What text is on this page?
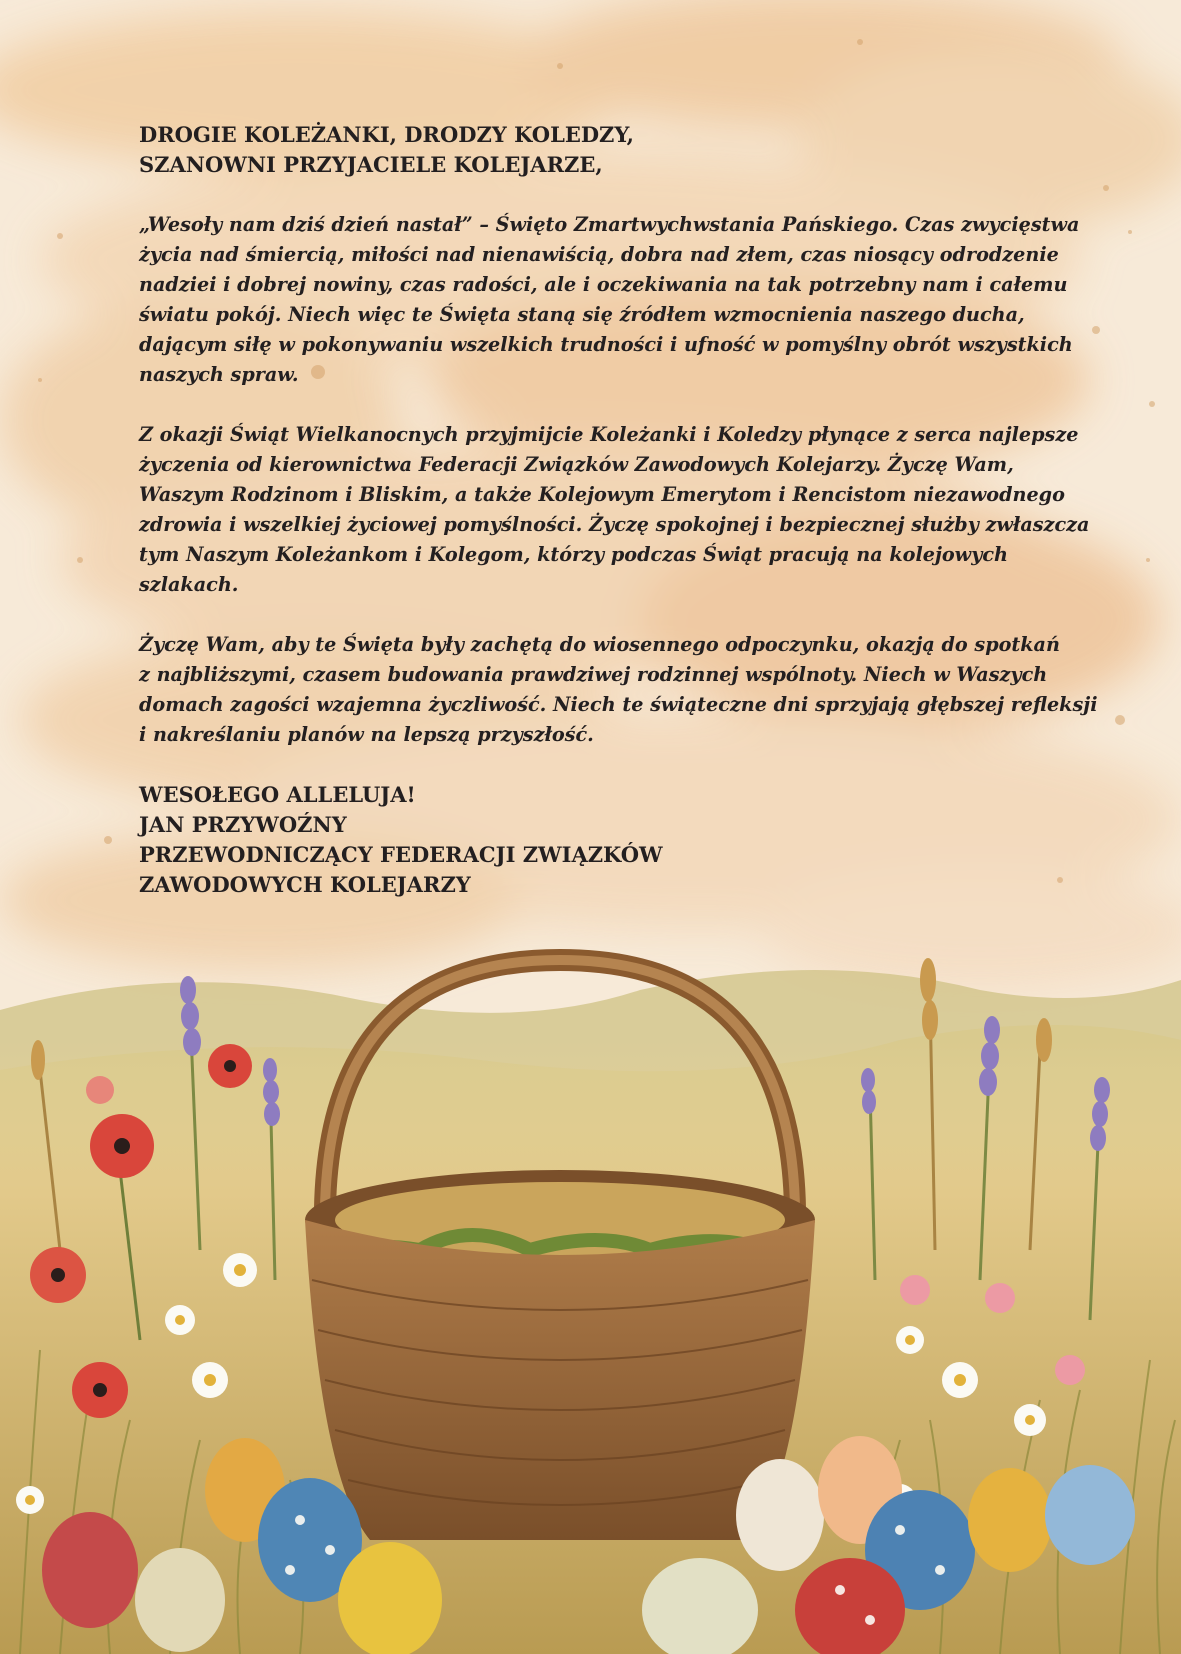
DROGIE KOLEŻANKI, DRODZY KOLEDZY,
SZANOWNI PRZYJACIELE KOLEJARZE,

„Wesoły nam dziś dzień nastał” – Święto Zmartwychwstania Pańskiego. Czas zwycięstwa
życia nad śmiercią, miłości nad nienawiścią, dobra nad złem, czas niosący odrodzenie
nadziei i dobrej nowiny, czas radości, ale i oczekiwania na tak potrzebny nam i całemu
światu pokój. Niech więc te Święta staną się źródłem wzmocnienia naszego ducha,
dającym siłę w pokonywaniu wszelkich trudności i ufność w pomyślny obrót wszystkich
naszych spraw.

Z okazji Świąt Wielkanocnych przyjmijcie Koleżanki i Koledzy płynące z serca najlepsze
życzenia od kierownictwa Federacji Związków Zawodowych Kolejarzy. Życzę Wam,
Waszym Rodzinom i Bliskim, a także Kolejowym Emerytom i Rencistom niezawodnego
zdrowia i wszelkiej życiowej pomyślności. Życzę spokojnej i bezpiecznej służby zwłaszcza
tym Naszym Koleżankom i Kolegom, którzy podczas Świąt pracują na kolejowych
szlakach.

Życzę Wam, aby te Święta były zachętą do wiosennego odpoczynku, okazją do spotkań
z najbliższymi, czasem budowania prawdziwej rodzinnej wspólnoty. Niech w Waszych
domach zagości wzajemna życzliwość. Niech te świąteczne dni sprzyjają głębszej refleksji
i nakreślaniu planów na lepszą przyszłość.

WESOŁEGO ALLELUJA!
JAN PRZYWOŹNY
PRZEWODNICZĄCY FEDERACJI ZWIĄZKÓW
ZAWODOWYCH KOLEJARZY
